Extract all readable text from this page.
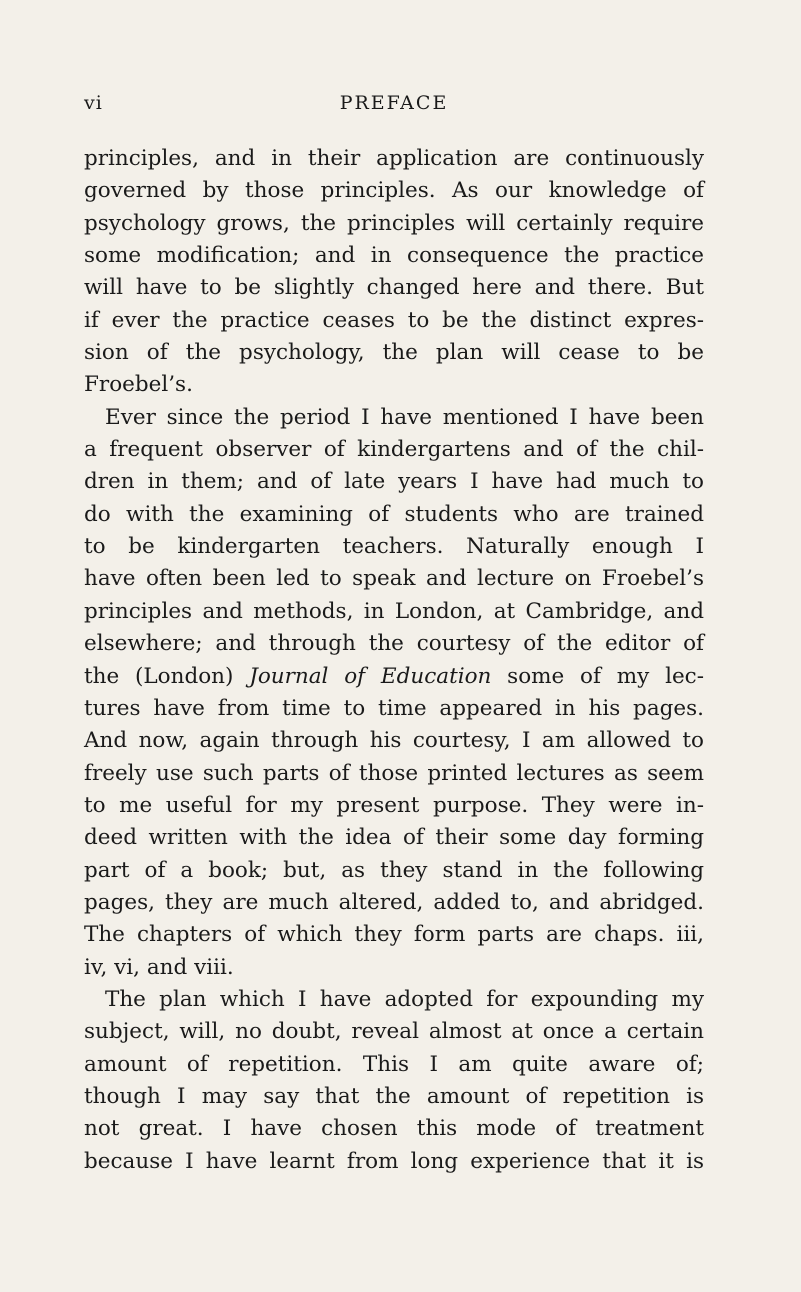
vi	PREFACE
principles, and in their application are continuously
governed by those principles. As our knowledge of
psychology grows, the principles will certainly require
some modification; and in consequence the practice
will have to be slightly changed here and there. But
if ever the practice ceases to be the distinct expres-
sion of the psychology, the plan will cease to be
Froebel’s.
Ever since the period I have mentioned I have been
a frequent observer of kindergartens and of the chil-
dren in them; and of late years I have had much to
do with the examining of students who are trained
to be kindergarten teachers. Naturally enough I
have often been led to speak and lecture on Froebel’s
principles and methods, in London, at Cambridge, and
elsewhere; and through the courtesy of the editor of
the (London) Journal of Education some of my lec-
tures have from time to time appeared in his pages.
And now, again through his courtesy, I am allowed to
freely use such parts of those printed lectures as seem
to me useful for my present purpose. They were in-
deed written with the idea of their some day forming
part of a book; but, as they stand in the following
pages, they are much altered, added to, and abridged.
The chapters of which they form parts are chaps. iii,
iv, vi, and viii.
The plan which I have adopted for expounding my
subject, will, no doubt, reveal almost at once a certain
amount of repetition. This I am quite aware of;
though I may say that the amount of repetition is
not great. I have chosen this mode of treatment
because I have learnt from long experience that it is
